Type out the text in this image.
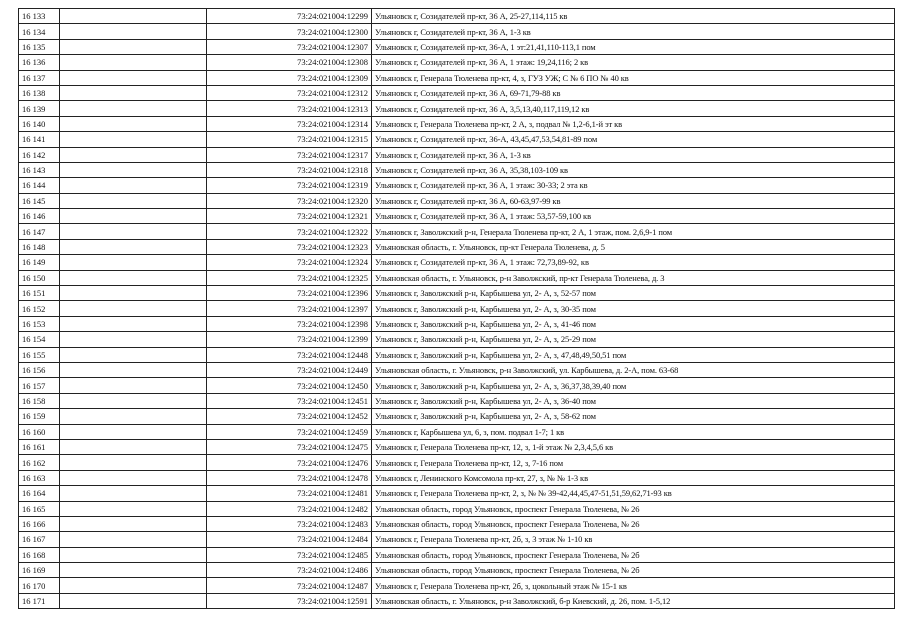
16 133		73:24:021004:12299	Ульяновск г, Созидателей пр-кт, 36 А, 25-27,114,115 кв
16 134		73:24:021004:12300	Ульяновск г, Созидателей пр-кт, 36 А, 1-3 кв
16 135		73:24:021004:12307	Ульяновск г, Созидателей пр-кт, 36-А, 1 эт:21,41,110-113,1 пом
16 136		73:24:021004:12308	Ульяновск г, Созидателей пр-кт, 36 А, 1 этаж: 19,24,116; 2 кв
16 137		73:24:021004:12309	Ульяновск г, Генерала Тюленева пр-кт, 4, з, ГУЗ УЖ; С № 6 ПО № 40 кв
16 138		73:24:021004:12312	Ульяновск г, Созидателей пр-кт, 36 А, 69-71,79-88 кв
16 139		73:24:021004:12313	Ульяновск г, Созидателей пр-кт, 36 А, 3,5,13,40,117,119,12 кв
16 140		73:24:021004:12314	Ульяновск г, Генерала Тюленева пр-кт, 2 А, з, подвал № 1,2-6,1-й эт кв
16 141		73:24:021004:12315	Ульяновск г, Созидателей пр-кт, 36-А, 43,45,47,53,54,81-89 пом
16 142		73:24:021004:12317	Ульяновск г, Созидателей пр-кт, 36 А, 1-3 кв
16 143		73:24:021004:12318	Ульяновск г, Созидателей пр-кт, 36 А, 35,38,103-109 кв
16 144		73:24:021004:12319	Ульяновск г, Созидателей пр-кт, 36 А, 1 этаж: 30-33; 2 эта кв
16 145		73:24:021004:12320	Ульяновск г, Созидателей пр-кт, 36 А, 60-63,97-99 кв
16 146		73:24:021004:12321	Ульяновск г, Созидателей пр-кт, 36 А, 1 этаж: 53,57-59,100 кв
16 147		73:24:021004:12322	Ульяновск г, Заволжский р-н, Генерала Тюленева пр-кт, 2 А, 1 этаж, пом. 2,6,9-1 пом
16 148		73:24:021004:12323	Ульяновская область, г. Ульяновск, пр-кт Генерала Тюленева, д. 5
16 149		73:24:021004:12324	Ульяновск г, Созидателей пр-кт, 36 А, 1 этаж: 72,73,89-92, кв
16 150		73:24:021004:12325	Ульяновская область, г. Ульяновск, р-н Заволжский, пр-кт Генерала Тюленева, д. 3
16 151		73:24:021004:12396	Ульяновск г, Заволжский р-н, Карбышева ул, 2- А, з, 52-57 пом
16 152		73:24:021004:12397	Ульяновск г, Заволжский р-н, Карбышева ул, 2- А, з, 30-35 пом
16 153		73:24:021004:12398	Ульяновск г, Заволжский р-н, Карбышева ул, 2- А, з, 41-46 пом
16 154		73:24:021004:12399	Ульяновск г, Заволжский р-н, Карбышева ул, 2- А, з, 25-29 пом
16 155		73:24:021004:12448	Ульяновск г, Заволжский р-н, Карбышева ул, 2- А, з, 47,48,49,50,51 пом
16 156		73:24:021004:12449	Ульяновская область, г. Ульяновск, р-н Заволжский, ул. Карбышева, д. 2-А, пом. 63-68
16 157		73:24:021004:12450	Ульяновск г, Заволжский р-н, Карбышева ул, 2- А, з, 36,37,38,39,40 пом
16 158		73:24:021004:12451	Ульяновск г, Заволжский р-н, Карбышева ул, 2- А, з, 36-40 пом
16 159		73:24:021004:12452	Ульяновск г, Заволжский р-н, Карбышева ул, 2- А, з, 58-62 пом
16 160		73:24:021004:12459	Ульяновск г, Карбышева ул, 6, з, пом. подвал 1-7; 1 кв
16 161		73:24:021004:12475	Ульяновск г, Генерала Тюленева пр-кт, 12, з, 1-й этаж № 2,3,4,5,6 кв
16 162		73:24:021004:12476	Ульяновск г, Генерала Тюленева пр-кт, 12, з, 7-16 пом
16 163		73:24:021004:12478	Ульяновск г, Ленинского Комсомола пр-кт, 27, з, № № 1-3 кв
16 164		73:24:021004:12481	Ульяновск г, Генерала Тюленева пр-кт, 2, з, № № 39-42,44,45,47-51,51,59,62,71-93 кв
16 165		73:24:021004:12482	Ульяновская область, город Ульяновск, проспект Генерала Тюленева, № 26
16 166		73:24:021004:12483	Ульяновская область, город Ульяновск, проспект Генерала Тюленева, № 26
16 167		73:24:021004:12484	Ульяновск г, Генерала Тюленева пр-кт, 2б, з, 3 этаж № 1-10 кв
16 168		73:24:021004:12485	Ульяновская область, город Ульяновск, проспект Генерала Тюленева, № 2б
16 169		73:24:021004:12486	Ульяновская область, город Ульяновск, проспект Генерала Тюленева, № 2б
16 170		73:24:021004:12487	Ульяновск г, Генерала Тюленева пр-кт, 2б, з, цокольный этаж № 15-1 кв
16 171		73:24:021004:12591	Ульяновская область, г. Ульяновск, р-н Заволжский, б-р Киевский, д. 26, пом. 1-5,12
